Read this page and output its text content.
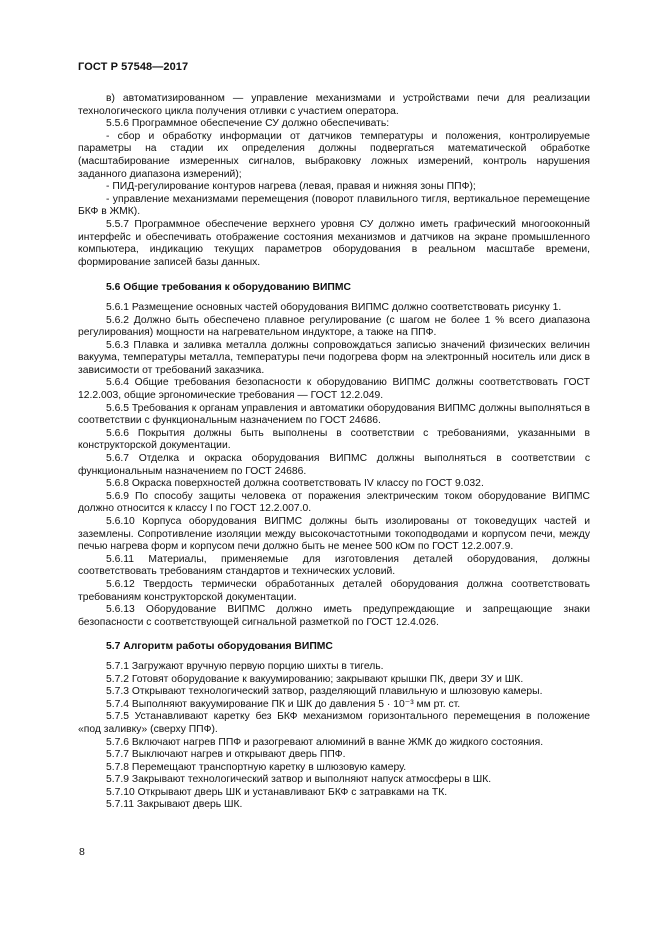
ГОСТ Р 57548—2017

в) автоматизированном — управление механизмами и устройствами печи для реализации технологического цикла получения отливки с участием оператора.

5.5.6 Программное обеспечение СУ должно обеспечивать:

- сбор и обработку информации от датчиков температуры и положения, контролируемые параметры на стадии их определения должны подвергаться математической обработке (масштабирование измеренных сигналов, выбраковку ложных измерений, контроль нарушения заданного диапазона измерений);

- ПИД-регулирование контуров нагрева (левая, правая и нижняя зоны ППФ);

- управление механизмами перемещения (поворот плавильного тигля, вертикальное перемещение БКФ в ЖМК).

5.5.7 Программное обеспечение верхнего уровня СУ должно иметь графический многооконный интерфейс и обеспечивать отображение состояния механизмов и датчиков на экране промышленного компьютера, индикацию текущих параметров оборудования в реальном масштабе времени, формирование записей базы данных.

5.6 Общие требования к оборудованию ВИПМС

5.6.1 Размещение основных частей оборудования ВИПМС должно соответствовать рисунку 1.

5.6.2 Должно быть обеспечено плавное регулирование (с шагом не более 1 % всего диапазона регулирования) мощности на нагревательном индукторе, а также на ППФ.

5.6.3 Плавка и заливка металла должны сопровождаться записью значений физических величин вакуума, температуры металла, температуры печи подогрева форм на электронный носитель или диск в зависимости от требований заказчика.

5.6.4 Общие требования безопасности к оборудованию ВИПМС должны соответствовать ГОСТ 12.2.003, общие эргономические требования — ГОСТ 12.2.049.

5.6.5 Требования к органам управления и автоматики оборудования ВИПМС должны выполняться в соответствии с функциональным назначением по ГОСТ 24686.

5.6.6 Покрытия должны быть выполнены в соответствии с требованиями, указанными в конструкторской документации.

5.6.7 Отделка и окраска оборудования ВИПМС должны выполняться в соответствии с функциональным назначением по ГОСТ 24686.

5.6.8 Окраска поверхностей должна соответствовать IV классу по ГОСТ 9.032.

5.6.9 По способу защиты человека от поражения электрическим током оборудование ВИПМС должно относится к классу I по ГОСТ 12.2.007.0.

5.6.10 Корпуса оборудования ВИПМС должны быть изолированы от токоведущих частей и заземлены. Сопротивление изоляции между высокочастотными токоподводами и корпусом печи, между печью нагрева форм и корпусом печи должно быть не менее 500 кОм по ГОСТ 12.2.007.9.

5.6.11 Материалы, применяемые для изготовления деталей оборудования, должны соответствовать требованиям стандартов и технических условий.

5.6.12 Твердость термически обработанных деталей оборудования должна соответствовать требованиям конструкторской документации.

5.6.13 Оборудование ВИПМС должно иметь предупреждающие и запрещающие знаки безопасности с соответствующей сигнальной разметкой по ГОСТ 12.4.026.

5.7 Алгоритм работы оборудования ВИПМС

5.7.1 Загружают вручную первую порцию шихты в тигель.

5.7.2 Готовят оборудование к вакуумированию; закрывают крышки ПК, двери ЗУ и ШК.

5.7.3 Открывают технологический затвор, разделяющий плавильную и шлюзовую камеры.

5.7.4 Выполняют вакуумирование ПК и ШК до давления 5 · 10⁻³ мм рт. ст.

5.7.5 Устанавливают каретку без БКФ механизмом горизонтального перемещения в положение «под заливку» (сверху ППФ).

5.7.6 Включают нагрев ППФ и разогревают алюминий в ванне ЖМК до жидкого состояния.

5.7.7 Выключают нагрев и открывают дверь ППФ.

5.7.8 Перемещают транспортную каретку в шлюзовую камеру.

5.7.9 Закрывают технологический затвор и выполняют напуск атмосферы в ШК.

5.7.10 Открывают дверь ШК и устанавливают БКФ с затравками на ТК.

5.7.11 Закрывают дверь ШК.

8
